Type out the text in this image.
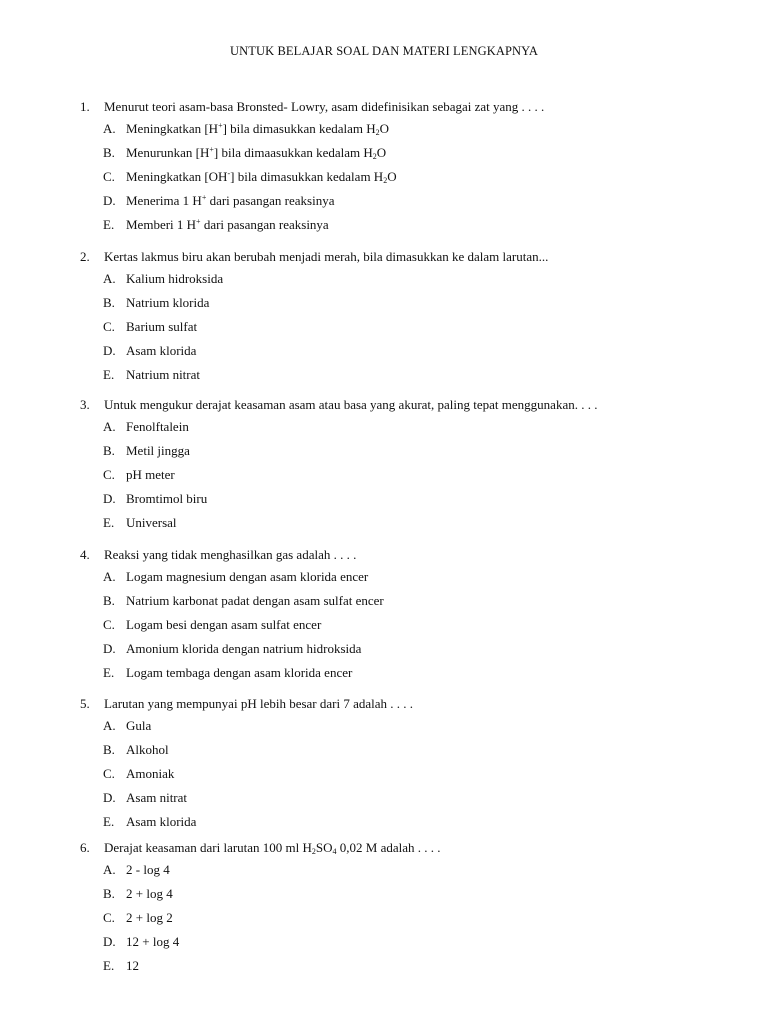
UNTUK BELAJAR SOAL DAN MATERI LENGKAPNYA
1.	Menurut teori asam-basa Bronsted- Lowry, asam didefinisikan sebagai zat yang . . . .
A. Meningkatkan [H+] bila dimasukkan kedalam $H_2O$
B. Menurunkan [H+] bila dimaasukkan kedalam $H_2O$
C. Meningkatkan [OH-] bila dimasukkan kedalam $H_2O$
D. Menerima 1 H+ dari pasangan reaksinya
E. Memberi 1 H+ dari pasangan reaksinya
2.	Kertas lakmus biru akan berubah menjadi merah, bila dimasukkan ke dalam larutan...
A. Kalium hidroksida
B. Natrium klorida
C. Barium sulfat
D. Asam klorida
E. Natrium nitrat
3.	Untuk mengukur derajat keasaman asam atau basa yang akurat, paling tepat menggunakan. . . .
A. Fenolftalein
B. Metil jingga
C. pH meter
D. Bromtimol biru
E. Universal
4.	Reaksi yang tidak menghasilkan gas adalah . . . .
A. Logam magnesium dengan asam klorida encer
B. Natrium karbonat padat dengan asam sulfat encer
C. Logam besi dengan asam sulfat encer
D. Amonium klorida dengan natrium hidroksida
E. Logam tembaga dengan asam klorida encer
5.	Larutan yang mempunyai pH lebih besar dari 7 adalah . . . .
A. Gula
B. Alkohol
C. Amoniak
D. Asam nitrat
E. Asam klorida
6.	Derajat keasaman dari larutan 100 ml $H_2SO_4$ 0,02 M adalah . . . .
A. 2 - log 4
B. 2 + log 4
C. 2 + log 2
D. 12 + log 4
E. 12
